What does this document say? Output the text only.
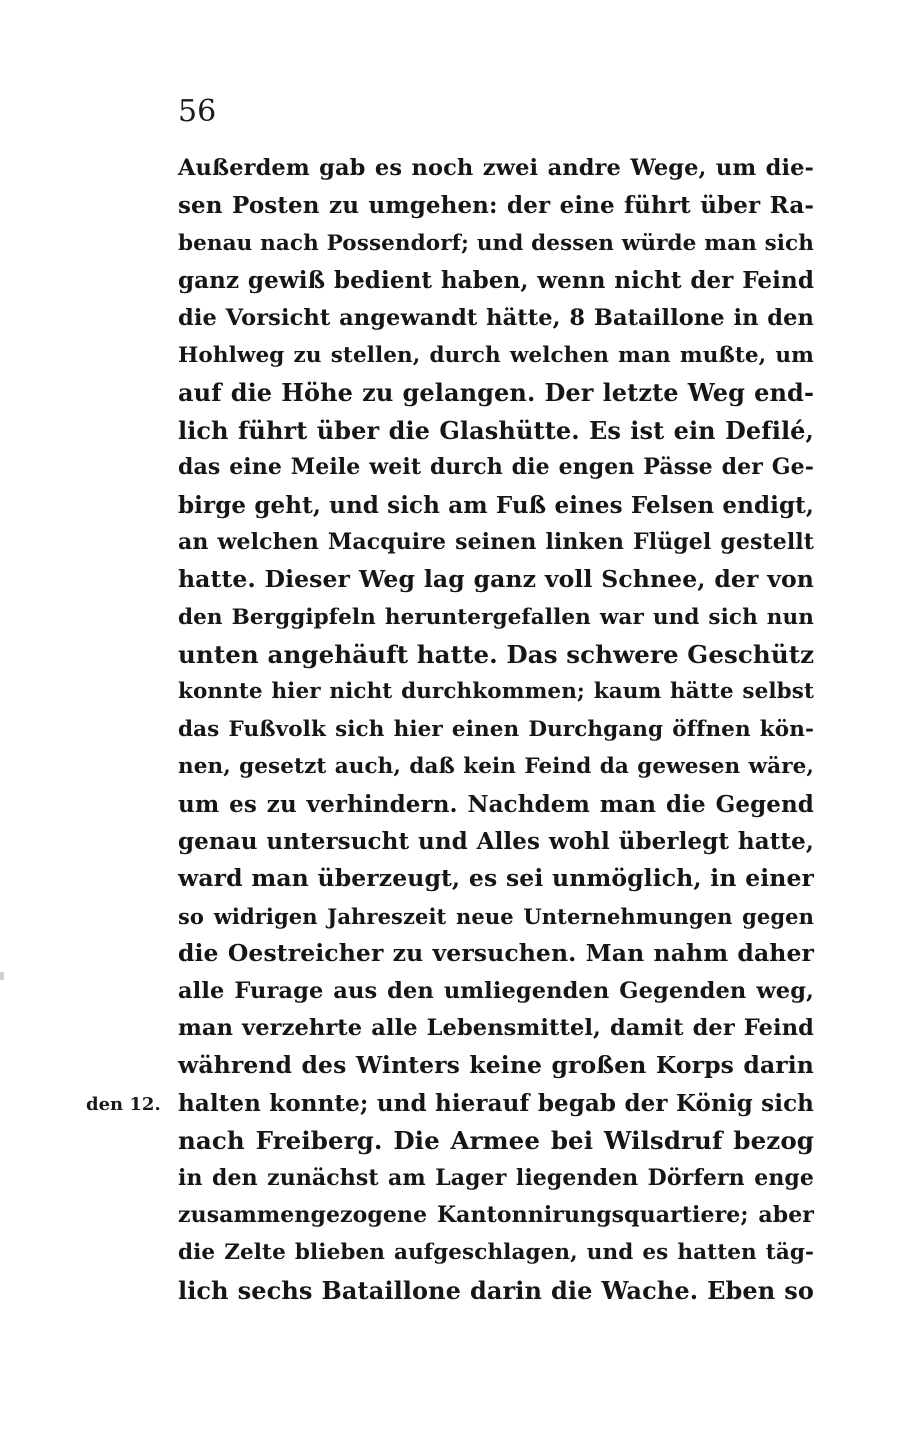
56
den 12.
Außerdem gab es noch zwei andre Wege, um die-
sen Posten zu umgehen: der eine führt über Ra-
benau nach Possendorf; und dessen würde man sich
ganz gewiß bedient haben, wenn nicht der Feind
die Vorsicht angewandt hätte, 8 Bataillone in den
Hohlweg zu stellen, durch welchen man mußte, um
auf die Höhe zu gelangen. Der letzte Weg end-
lich führt über die Glashütte. Es ist ein Defilé,
das eine Meile weit durch die engen Pässe der Ge-
birge geht, und sich am Fuß eines Felsen endigt,
an welchen Macquire seinen linken Flügel gestellt
hatte. Dieser Weg lag ganz voll Schnee, der von
den Berggipfeln heruntergefallen war und sich nun
unten angehäuft hatte. Das schwere Geschütz
konnte hier nicht durchkommen; kaum hätte selbst
das Fußvolk sich hier einen Durchgang öffnen kön-
nen, gesetzt auch, daß kein Feind da gewesen wäre,
um es zu verhindern. Nachdem man die Gegend
genau untersucht und Alles wohl überlegt hatte,
ward man überzeugt, es sei unmöglich, in einer
so widrigen Jahreszeit neue Unternehmungen gegen
die Oestreicher zu versuchen. Man nahm daher
alle Furage aus den umliegenden Gegenden weg,
man verzehrte alle Lebensmittel, damit der Feind
während des Winters keine großen Korps darin
halten konnte; und hierauf begab der König sich
nach Freiberg. Die Armee bei Wilsdruf bezog
in den zunächst am Lager liegenden Dörfern enge
zusammengezogene Kantonnirungsquartiere; aber
die Zelte blieben aufgeschlagen, und es hatten täg-
lich sechs Bataillone darin die Wache. Eben so
